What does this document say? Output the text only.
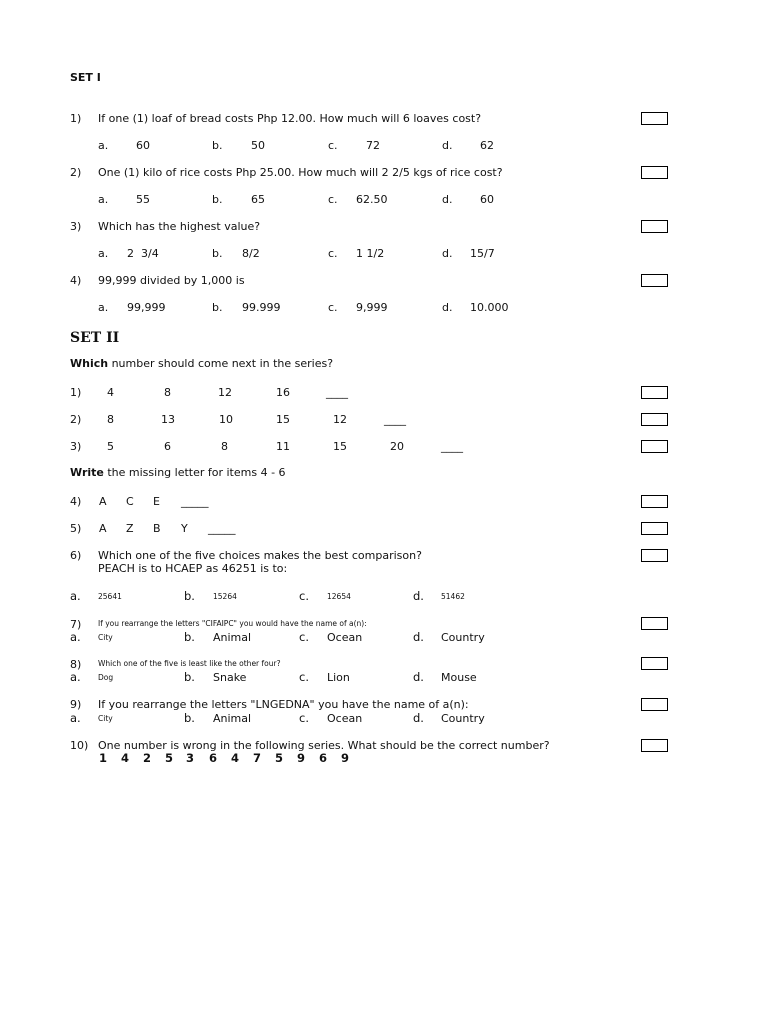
SET I
1) If one (1) loaf of bread costs Php 12.00. How much will 6 loaves cost?
a.	60	b.	50	c.	72	d.	62
2) One (1) kilo of rice costs Php 25.00. How much will 2 2/5 kgs of rice cost?
a.	55	b.	65	c. 62.50	d.	60
3) Which has the highest value?
a. 2  3/4	b. 8/2	c. 1 1/2	d. 15/7
4) 99,999 divided by 1,000 is
a. 99,999	b. 99.999	c. 9,999	d. 10.000
SET II
Which number should come next in the series?
1) 4	8	12	16	____
2) 8	13	10	15	12	____
3) 5	6	8	11	15	20	____
Write the missing letter for items 4 - 6
4) A C E _____
5) A Z B Y _____
6) Which one of the five choices makes the best comparison?
PEACH is to HCAEP as 46251 is to:
a. 25641	b. 15264	c. 12654	d. 51462
7) If you rearrange the letters "CIFAIPC" you would have the name of a(n):
a. City	b. Animal	c. Ocean	d. Country
8) Which one of the five is least like the other four?
a. Dog	b. Snake	c. Lion	d. Mouse
9) If you rearrange the letters "LNGEDNA" you have the name of a(n):
a. City	b. Animal	c. Ocean	d. Country
10) One number is wrong in the following series. What should be the correct number?
1 4 2 5 3 6 4 7 5 9 6 9
